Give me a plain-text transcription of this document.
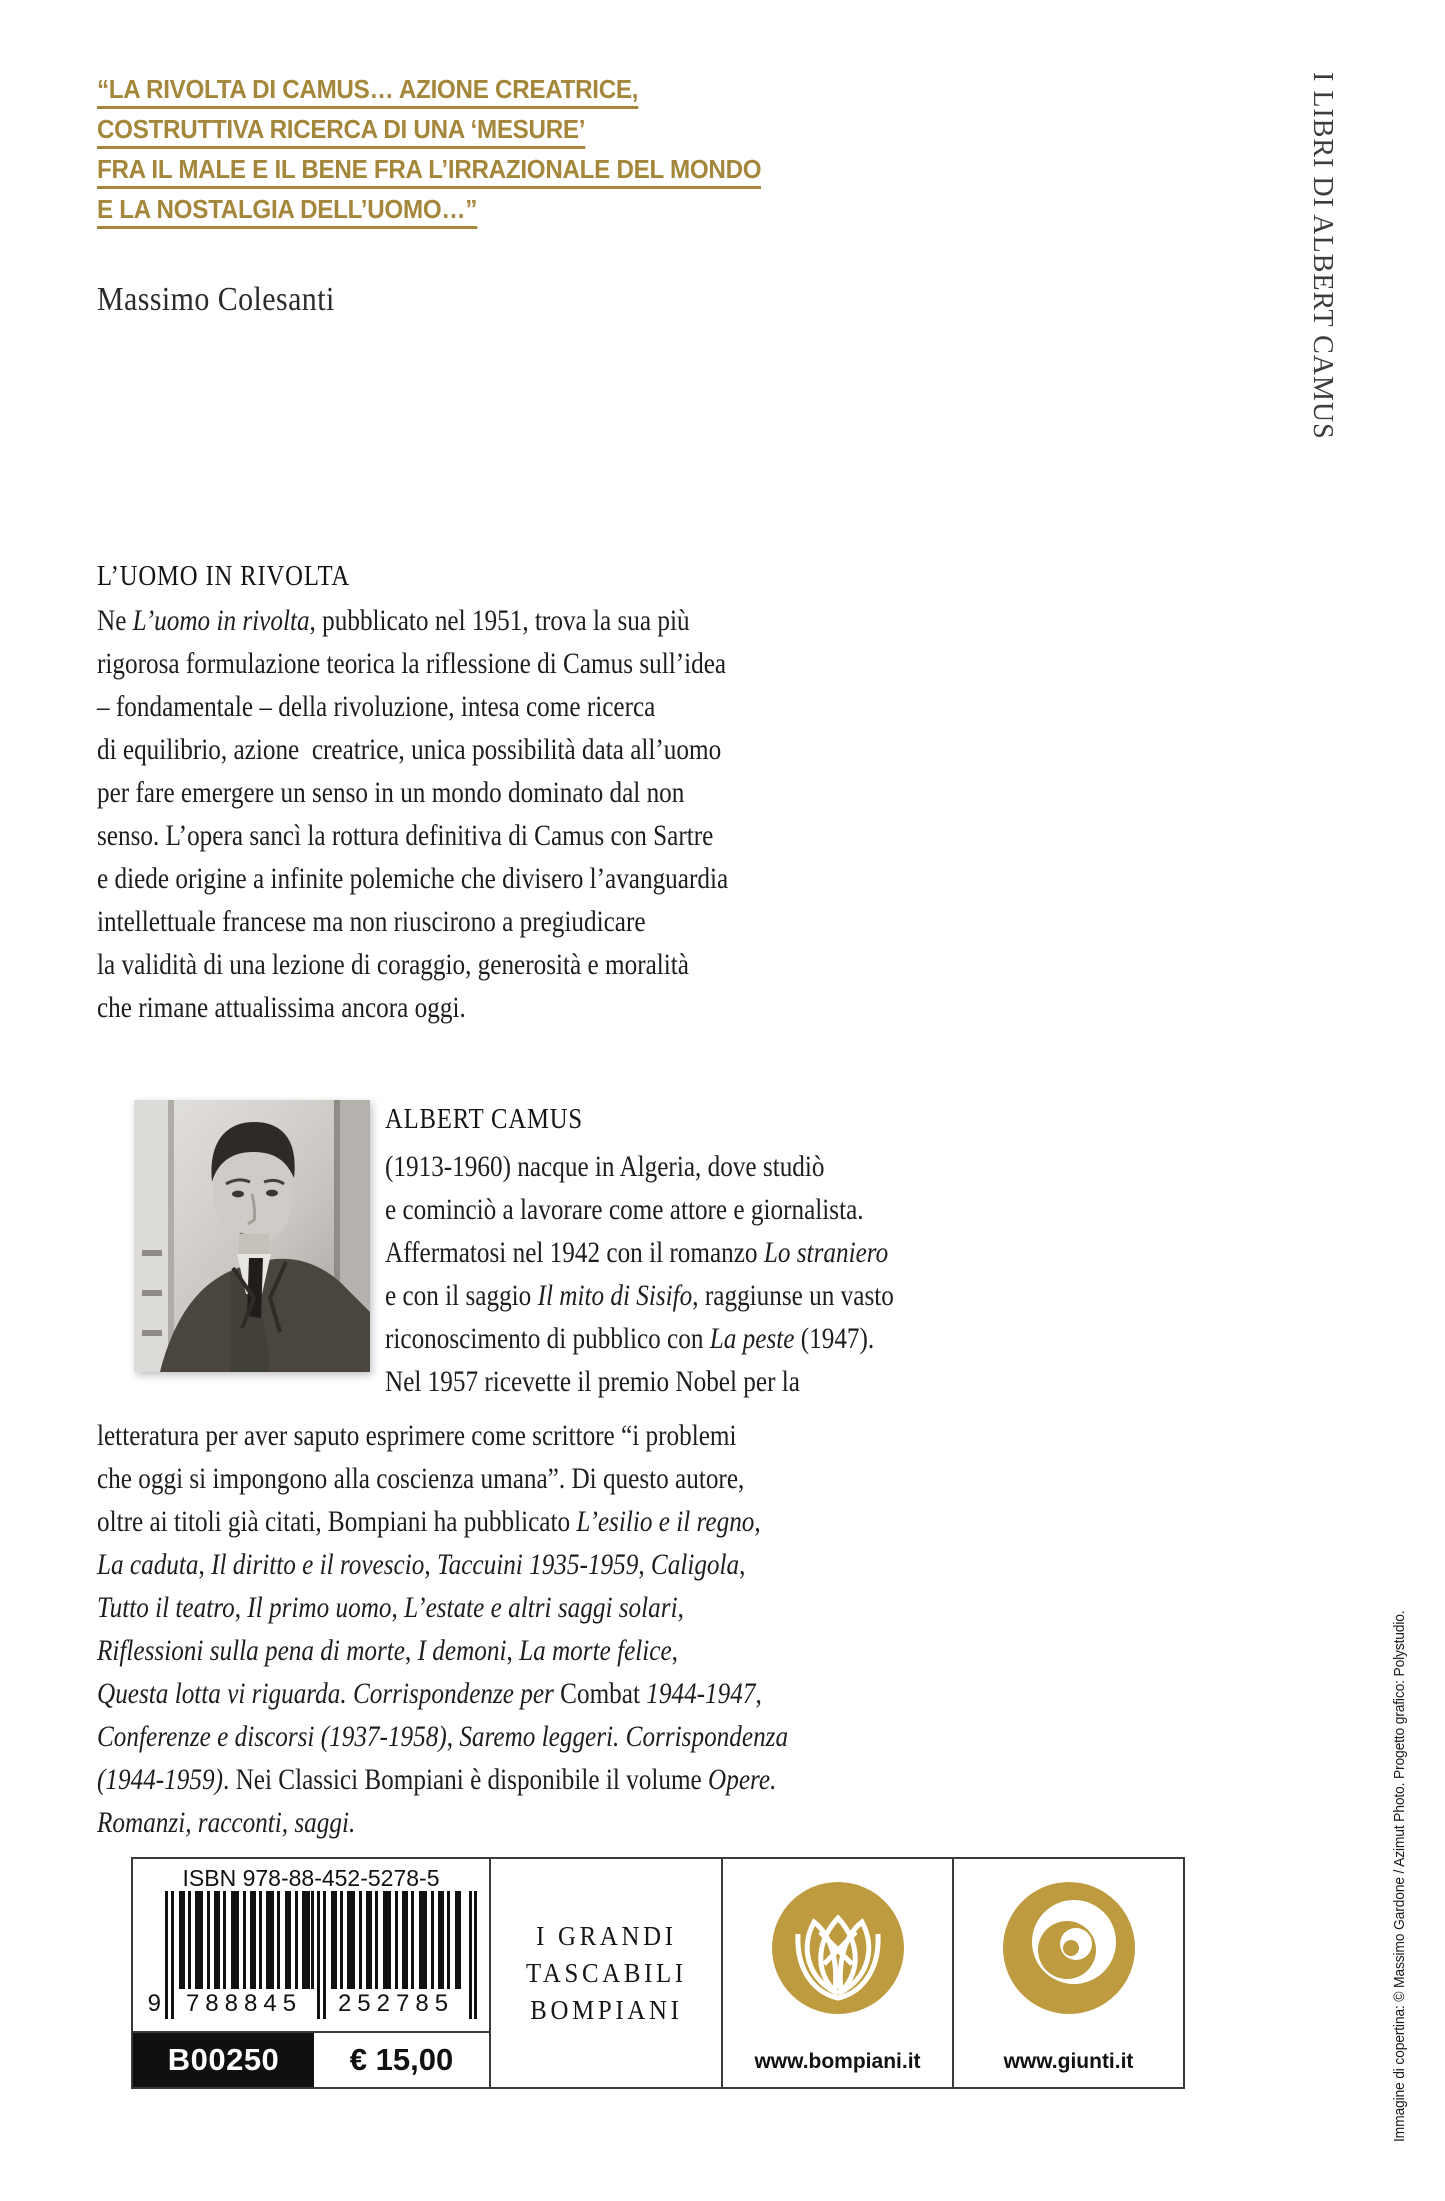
“LA RIVOLTA DI CAMUS… AZIONE CREATRICE,
COSTRUTTIVA RICERCA DI UNA ‘MESURE’
FRA IL MALE E IL BENE FRA L’IRRAZIONALE DEL MONDO
E LA NOSTALGIA DELL’UOMO…”
Massimo Colesanti	I LIBRI DI ALBERT CAMUS
L’UOMO IN RIVOLTA
Ne L’uomo in rivolta, pubblicato nel 1951, trova la sua più
rigorosa formulazione teorica la riflessione di Camus sull’idea
– fondamentale – della rivoluzione, intesa come ricerca
di equilibrio, azione  creatrice, unica possibilità data all’uomo
per fare emergere un senso in un mondo dominato dal non
senso. L’opera sancì la rottura definitiva di Camus con Sartre
e diede origine a infinite polemiche che divisero l’avanguardia
intellettuale francese ma non riuscirono a pregiudicare
la validità di una lezione di coraggio, generosità e moralità
che rimane attualissima ancora oggi.
ALBERT CAMUS
(1913-1960) nacque in Algeria, dove studiò
e cominciò a lavorare come attore e giornalista.
Affermatosi nel 1942 con il romanzo Lo straniero
e con il saggio Il mito di Sisifo, raggiunse un vasto
riconoscimento di pubblico con La peste (1947).
Nel 1957 ricevette il premio Nobel per la
letteratura per aver saputo esprimere come scrittore “i problemi
che oggi si impongono alla coscienza umana”. Di questo autore,
oltre ai titoli già citati, Bompiani ha pubblicato L’esilio e il regno,
La caduta, Il diritto e il rovescio, Taccuini 1935-1959, Caligola,
Tutto il teatro, Il primo uomo, L’estate e altri saggi solari,
Riflessioni sulla pena di morte, I demoni, La morte felice,
Questa lotta vi riguarda. Corrispondenze per Combat 1944-1947,
Conferenze e discorsi (1937-1958), Saremo leggeri. Corrispondenza
(1944-1959). Nei Classici Bompiani è disponibile il volume Opere.
Romanzi, racconti, saggi.	Immagine di copertina: © Massimo Gardone / Azimut Photo. Progetto grafico: Polystudio.
ISBN 978-88-452-5278-5
9	788845	252785
B00250	€ 15,00
I GRANDI
TASCABILI
BOMPIANI
www.bompiani.it	www.giunti.it
